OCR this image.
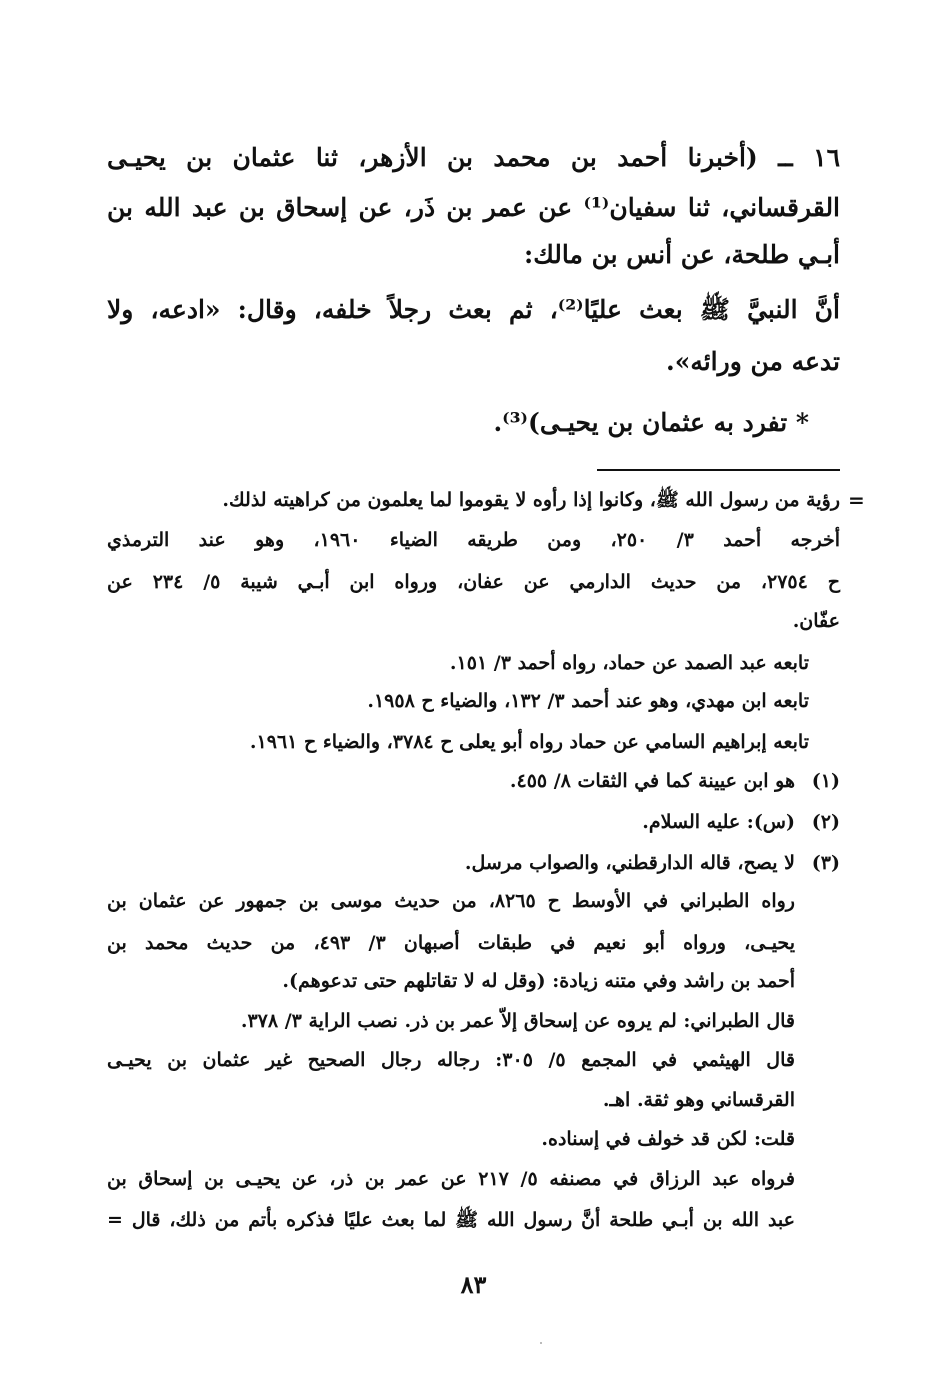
١٦ ــ (أخبرنا أحمد بن محمد بن الأزهر، ثنا عثمان بن يحيـى
القرقساني، ثنا سفيان⁽¹⁾ عن عمر بن ذَر، عن إسحاق بن عبد الله بن
أبـي طلحة، عن أنس بن مالك:
أنَّ النبيَّ ﷺ بعث عليًا⁽²⁾، ثم بعث رجلاً خلفه، وقال: «ادعه، ولا
تدعه من ورائه».
* تفرد به عثمان بن يحيـى)⁽³⁾.
=
رؤية من رسول الله ﷺ، وكانوا إذا رأوه لا يقوموا لما يعلمون من كراهيته لذلك.
أخرجه أحمد ٣/ ٢٥٠، ومن طريقه الضياء ١٩٦٠، وهو عند الترمذي
ح ٢٧٥٤، من حديث الدارمي عن عفان، ورواه ابن أبـي شيبة ٥/ ٢٣٤ عن
عفّان.
تابعه عبد الصمد عن حماد، رواه أحمد ٣/ ١٥١.
تابعه ابن مهدي، وهو عند أحمد ٣/ ١٣٢، والضياء ح ١٩٥٨.
تابعه إبراهيم السامي عن حماد رواه أبو يعلى ح ٣٧٨٤، والضياء ح ١٩٦١.
(١)
هو ابن عيينة كما في الثقات ٨/ ٤٥٥.
(٢)
(س): عليه السلام.
(٣)
لا يصح، قاله الدارقطني، والصواب مرسل.
رواه الطبراني في الأوسط ح ٨٢٦٥، من حديث موسى بن جمهور عن عثمان بن
يحيـى، ورواه أبو نعيم في طبقات أصبهان ٣/ ٤٩٣، من حديث محمد بن
أحمد بن راشد وفي متنه زيادة: (وقل له لا تقاتلهم حتى تدعوهم).
قال الطبراني: لم يروه عن إسحاق إلاّ عمر بن ذر. نصب الراية ٣/ ٣٧٨.
قال الهيثمي في المجمع ٥/ ٣٠٥: رجاله رجال الصحيح غير عثمان بن يحيـى
القرقساني وهو ثقة. اهـ.
قلت: لكن قد خولف في إسناده.
فرواه عبد الرزاق في مصنفه ٥/ ٢١٧ عن عمر بن ذر، عن يحيـى بن إسحاق بن
عبد الله بن أبـي طلحة أنَّ رسول الله ﷺ لما بعث عليًا فذكره بأتم من ذلك، قال =
٨٣
